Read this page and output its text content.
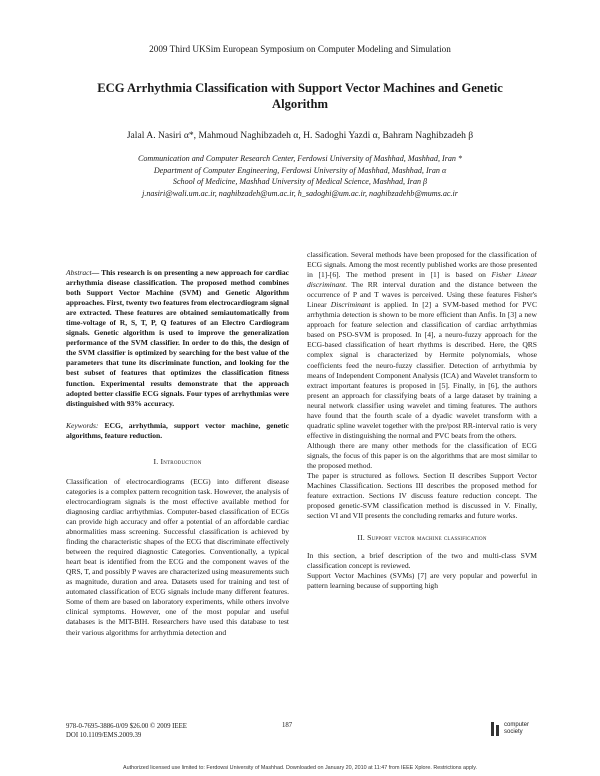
2009 Third UKSim European Symposium on Computer Modeling and Simulation
ECG Arrhythmia Classification with Support Vector Machines and Genetic Algorithm
Jalal A. Nasiri α*, Mahmoud Naghibzadeh α, H. Sadoghi Yazdi α, Bahram Naghibzadeh β
Communication and Computer Research Center, Ferdowsi University of Mashhad, Mashhad, Iran *
Department of Computer Engineering, Ferdowsi University of Mashhad, Mashhad, Iran α
School of Medicine, Mashhad University of Medical Science, Mashhad, Iran β
j.nasiri@wali.um.ac.ir, naghibzadeh@um.ac.ir, h_sadoghi@um.ac.ir, naghibzadehb@mums.ac.ir

Abstract— This research is on presenting a new approach for cardiac arrhythmia disease classification. The proposed method combines both Support Vector Machine (SVM) and Genetic Algorithm approaches. First, twenty two features from electrocardiogram signal are extracted. These features are obtained semiautomatically from time-voltage of R, S, T, P, Q features of an Electro Cardiogram signals. Genetic algorithm is used to improve the generalization performance of the SVM classifier. In order to do this, the design of the SVM classifier is optimized by searching for the best value of the parameters that tune its discriminate function, and looking for the best subset of features that optimizes the classification fitness function. Experimental results demonstrate that the approach adopted better classifie ECG signals. Four types of arrhythmias were distinguished with 93% accuracy.

Keywords: ECG, arrhythmia, support vector machine, genetic algorithms, feature reduction.

I. Introduction

Classification of electrocardiograms (ECG) into different disease categories is a complex pattern recognition task. However, the analysis of electrocardiogram signals is the most effective available method for diagnosing cardiac arrhythmias. Computer-based classification of ECGs can provide high accuracy and offer a potential of an affordable cardiac abnormalities mass screening. Successful classification is achieved by finding the characteristic shapes of the ECG that discriminate effectively between the required diagnostic Categories. Conventionally, a typical heart beat is identified from the ECG and the component waves of the QRS, T, and possibly P waves are characterized using measurements such as magnitude, duration and area. Datasets used for training and test of automated classification of ECG signals include many different features. Some of them are based on laboratory experiments, while others involve clinical symptoms. However, one of the most popular and useful databases is the MIT-BIH. Researchers have used this database to test their various algorithms for arrhythmia detection and

classification. Several methods have been proposed for the classification of ECG signals. Among the most recently published works are those presented in [1]-[6]. The method present in [1] is based on Fisher Linear discriminant. The RR interval duration and the distance between the occurrence of P and T waves is perceived. Using these features Fisher's Linear Discriminant is applied. In [2] a SVM-based method for PVC arrhythmia detection is shown to be more efficient than Anfis. In [3] a new approach for feature selection and classification of cardiac arrhythmias based on PSO-SVM is proposed. In [4], a neuro-fuzzy approach for the ECG-based classification of heart rhythms is described. Here, the QRS complex signal is characterized by Hermite polynomials, whose coefficients feed the neuro-fuzzy classifier. Detection of arrhythmia by means of Independent Component Analysis (ICA) and Wavelet transform to extract important features is proposed in [5]. Finally, in [6], the authors present an approach for classifying beats of a large dataset by training a neural network classifier using wavelet and timing features. The authors have found that the fourth scale of a dyadic wavelet transform with a quadratic spline wavelet together with the pre/post RR-interval ratio is very effective in distinguishing the normal and PVC beats from the others.

Although there are many other methods for the classification of ECG signals, the focus of this paper is on the algorithms that are most similar to the proposed method.

The paper is structured as follows. Section II describes Support Vector Machines Classification. Sections III describes the proposed method for feature extraction. Sections IV discuss feature reduction concept. The proposed genetic-SVM classification method is discussed in V. Finally, section VI and VII presents the concluding remarks and future works.

II. Support vector machine classification

In this section, a brief description of the two and multi-class SVM classification concept is reviewed.

Support Vector Machines (SVMs) [7] are very popular and powerful in pattern learning because of supporting high

978-0-7695-3886-0/09 $26.00 © 2009 IEEE
DOI 10.1109/EMS.2009.39
187	computer society
Authorized licensed use limited to: Ferdowsi University of Mashhad. Downloaded on January 20, 2010 at 11:47 from IEEE Xplore. Restrictions apply.
